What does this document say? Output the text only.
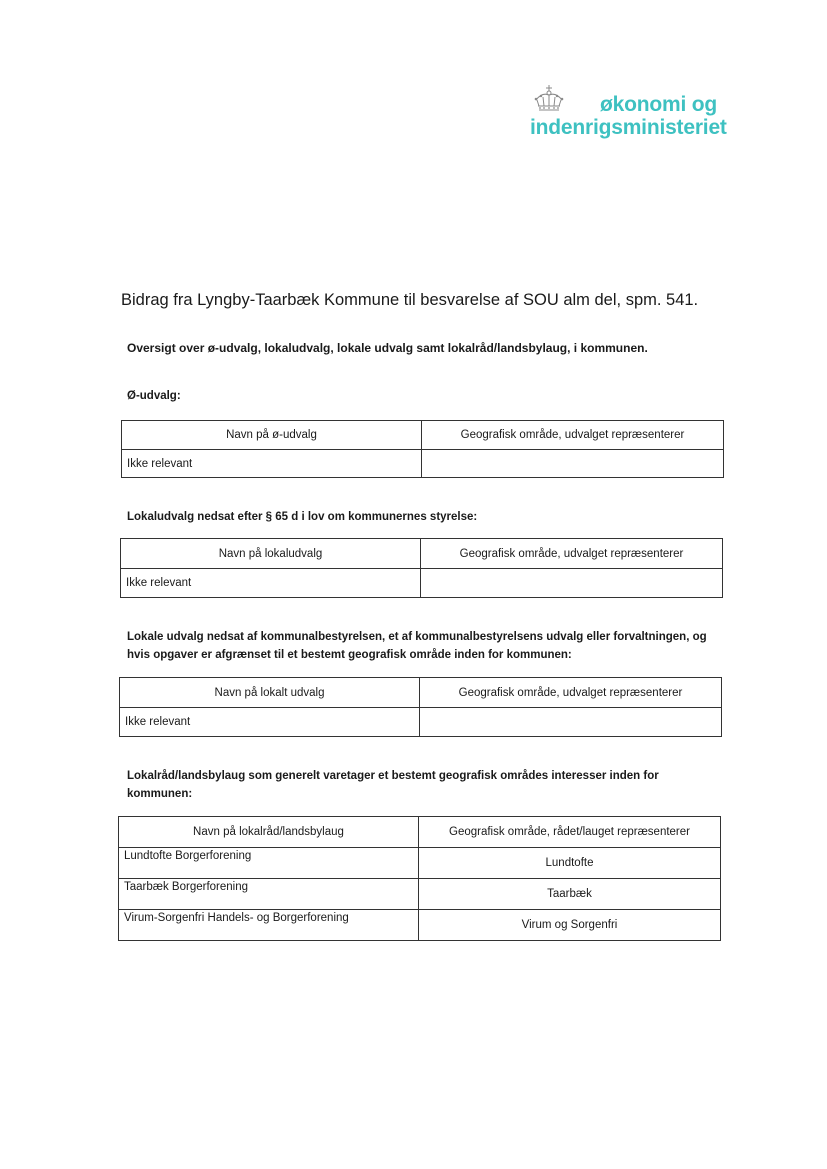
økonomi og
indenrigsministeriet
Bidrag fra Lyngby-Taarbæk Kommune til besvarelse af SOU alm del, spm. 541.
Oversigt over ø-udvalg, lokaludvalg, lokale udvalg samt lokalråd/landsbylaug, i kommunen.
Ø-udvalg:
Navn på ø-udvalg	Geografisk område, udvalget repræsenterer
Ikke relevant	
Lokaludvalg nedsat efter § 65 d i lov om kommunernes styrelse:
Navn på lokaludvalg	Geografisk område, udvalget repræsenterer
Ikke relevant	
Lokale udvalg nedsat af kommunalbestyrelsen, et af kommunalbestyrelsens udvalg eller forvaltningen, og hvis opgaver er afgrænset til et bestemt geografisk område inden for kommunen:
Navn på lokalt udvalg	Geografisk område, udvalget repræsenterer
Ikke relevant	
Lokalråd/landsbylaug som generelt varetager et bestemt geografisk områdes interesser inden for kommunen:
Navn på lokalråd/landsbylaug	Geografisk område, rådet/lauget repræsenterer
Lundtofte Borgerforening	Lundtofte
Taarbæk Borgerforening	Taarbæk
Virum-Sorgenfri Handels- og Borgerforening	Virum og Sorgenfri
